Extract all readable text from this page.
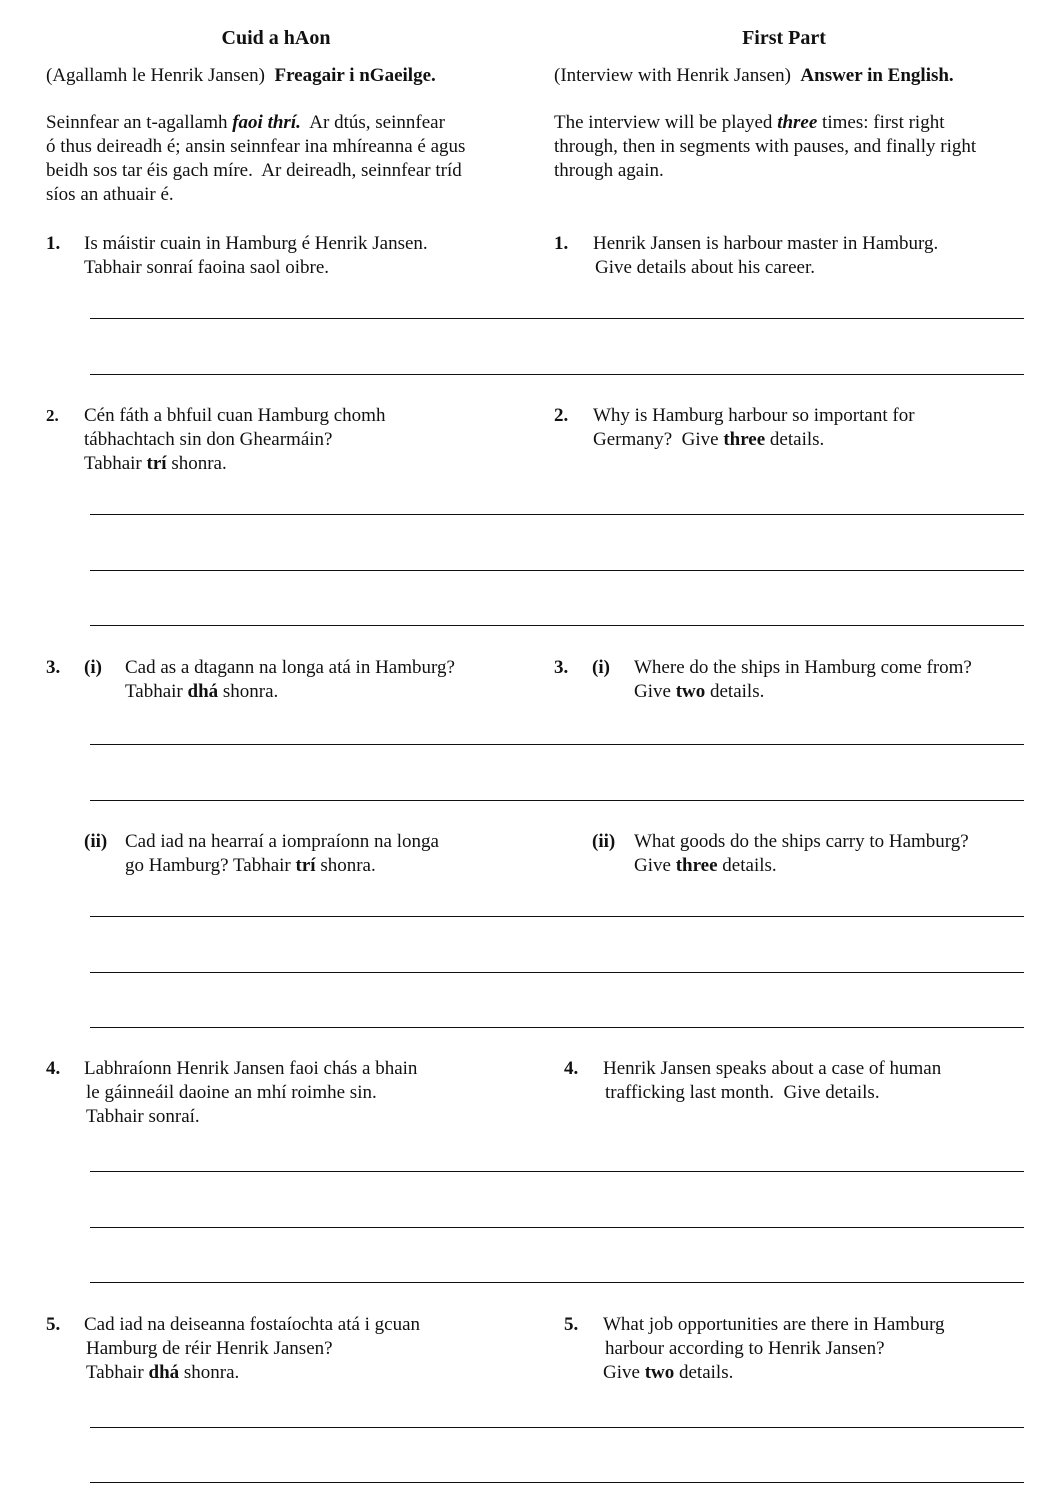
Cuid a hAon	First Part
(Agallamh le Henrik Jansen) Freagair i nGaeilge.	(Interview with Henrik Jansen) Answer in English.
Seinnfear an t-agallamh faoi thrí.  Ar dtús, seinnfear
ó thus deireadh é; ansin seinnfear ina mhíreanna é agus
beidh sos tar éis gach míre.  Ar deireadh, seinnfear tríd
síos an athuair é.
The interview will be played three times: first right
through, then in segments with pauses, and finally right
through again.
1. Is máistir cuain in Hamburg é Henrik Jansen.
Tabhair sonraí faoina saol oibre.
1. Henrik Jansen is harbour master in Hamburg.
Give details about his career.
2. Cén fáth a bhfuil cuan Hamburg chomh
tábhachtach sin don Ghearmáin?
Tabhair trí shonra.
2. Why is Hamburg harbour so important for
Germany?  Give three details.
3. (i) Cad as a dtagann na longa atá in Hamburg?
Tabhair dhá shonra.
3. (i) Where do the ships in Hamburg come from?
Give two details.
(ii) Cad iad na hearraí a iompraíonn na longa
go Hamburg? Tabhair trí shonra.
(ii) What goods do the ships carry to Hamburg?
Give three details.
4. Labhraíonn Henrik Jansen faoi chás a bhain
le gáinneáil daoine an mhí roimhe sin.
Tabhair sonraí.
4. Henrik Jansen speaks about a case of human
trafficking last month.  Give details.
5. Cad iad na deiseanna fostaíochta atá i gcuan
Hamburg de réir Henrik Jansen?
Tabhair dhá shonra.
5. What job opportunities are there in Hamburg
harbour according to Henrik Jansen?
Give two details.
